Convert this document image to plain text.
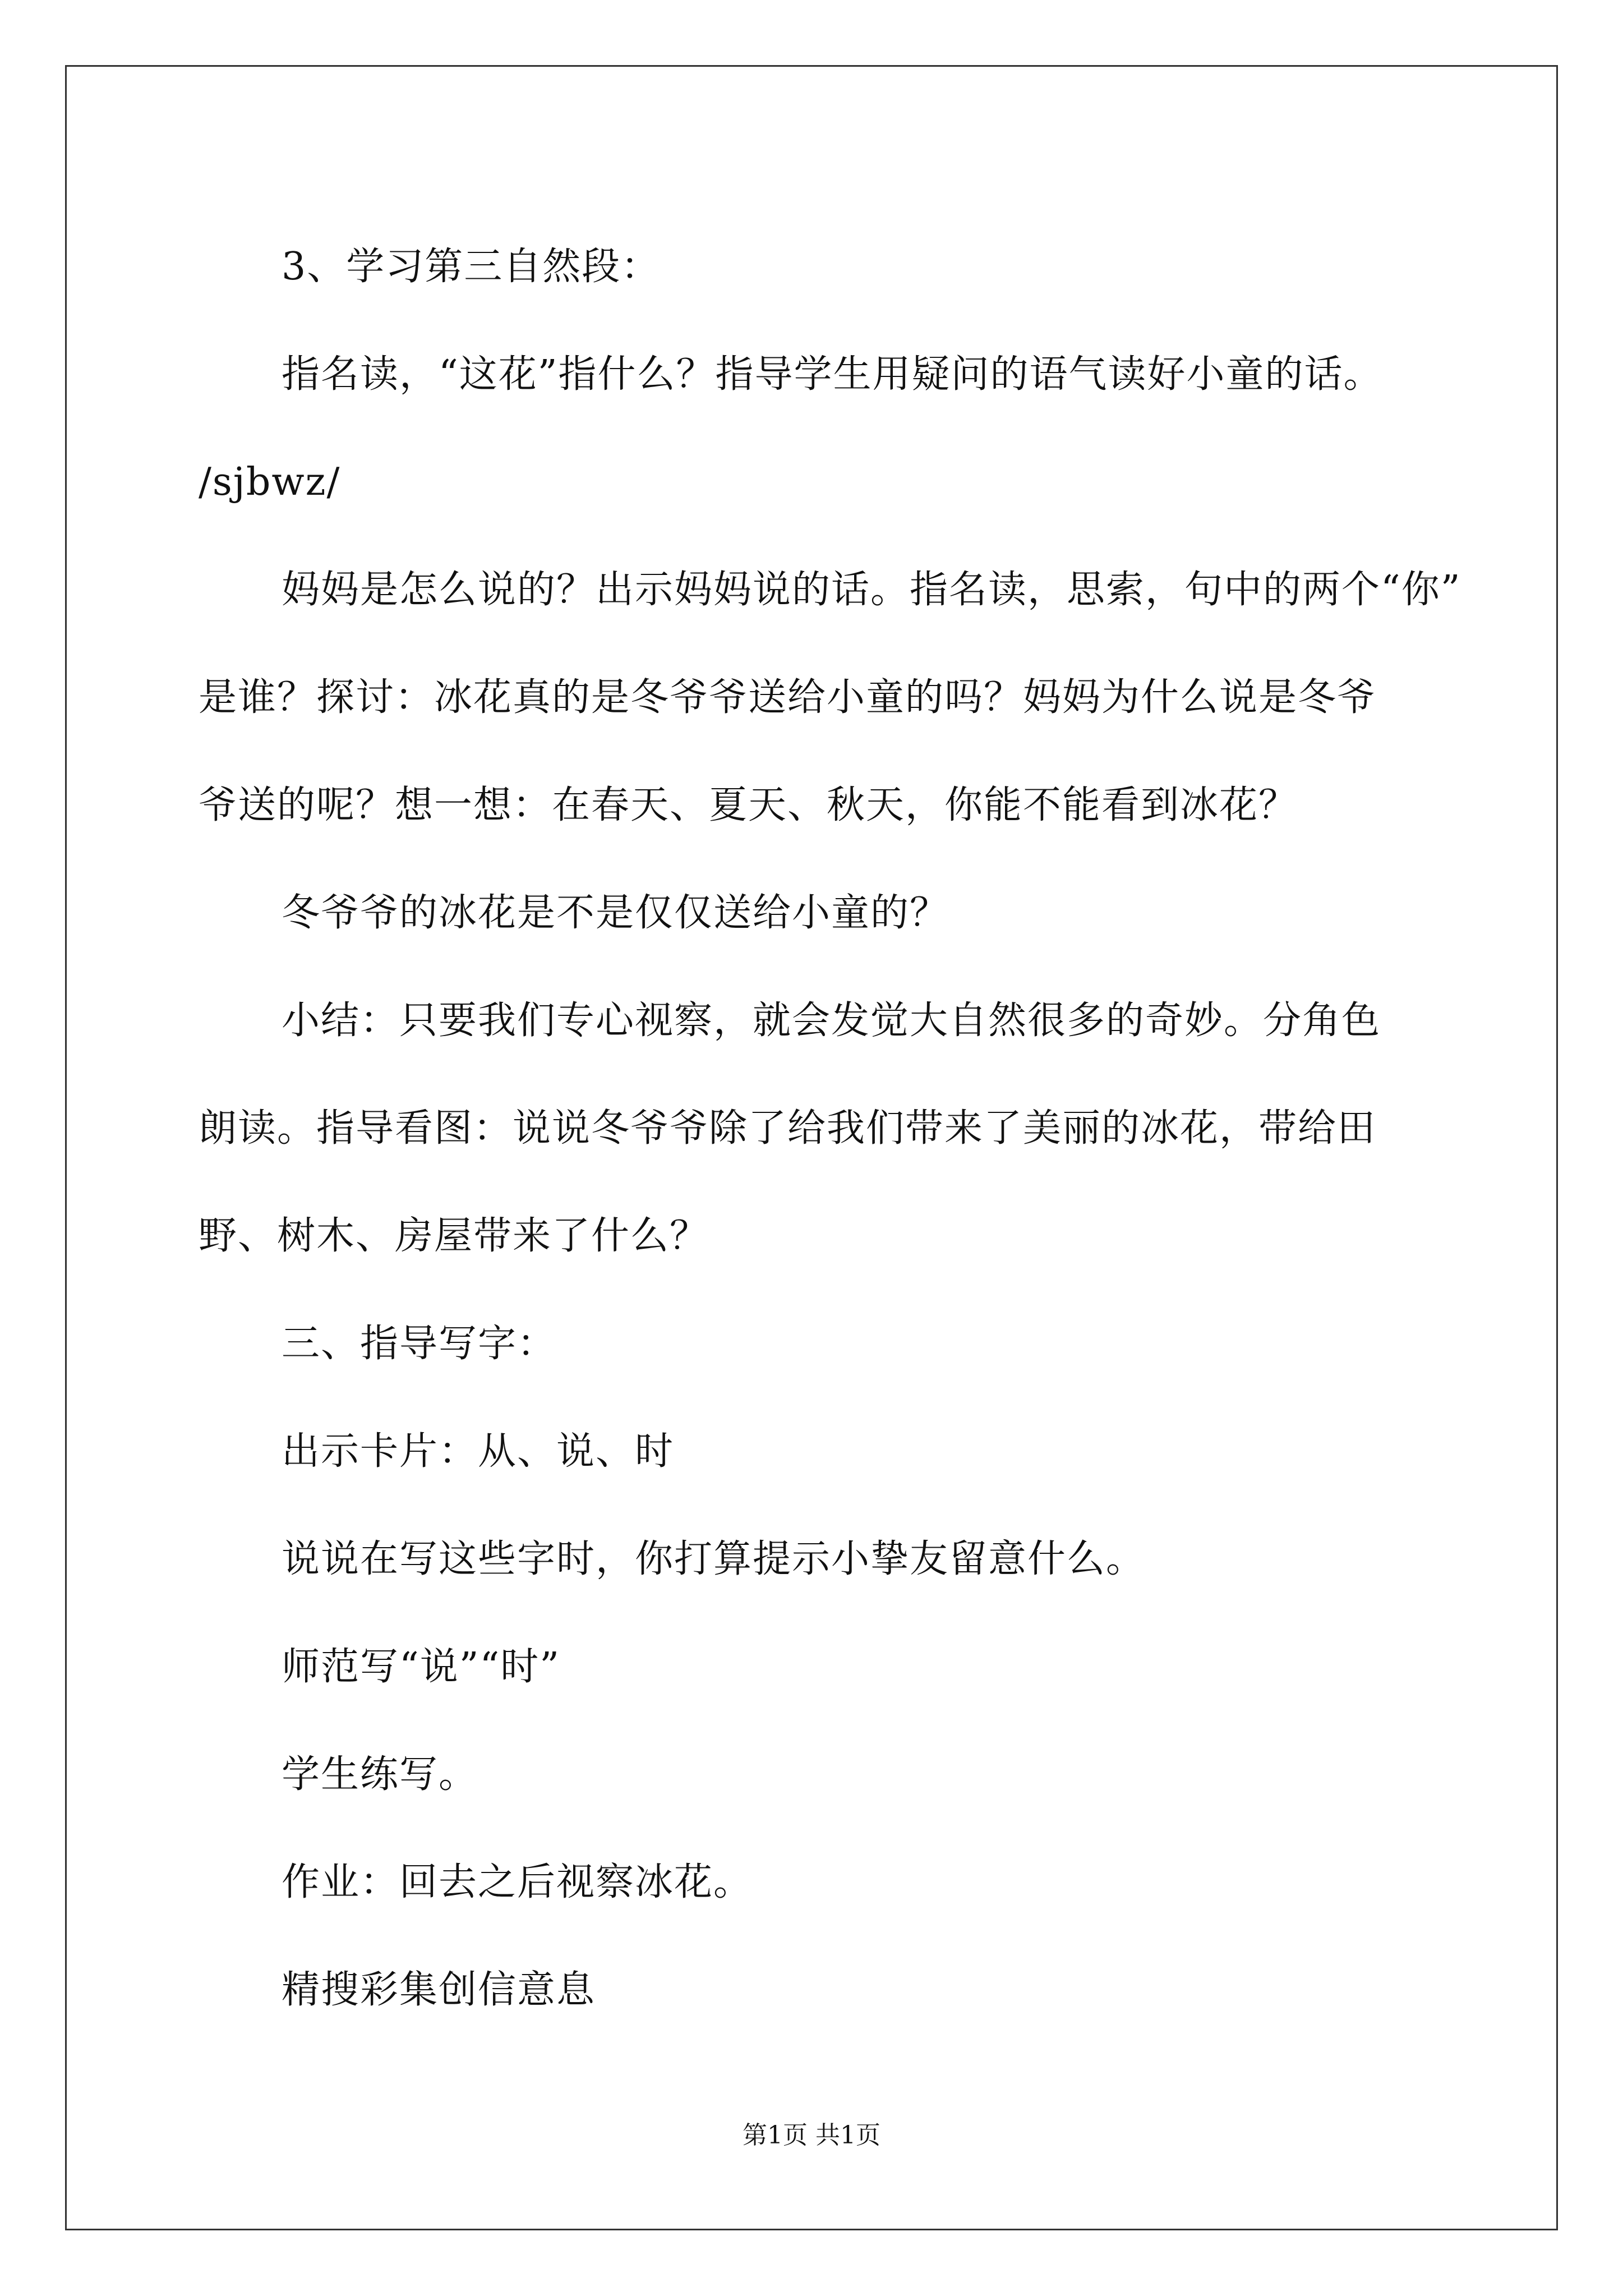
3、学习第三自然段：
指名读，“这花”指什么？指导学生用疑问的语气读好小童的话。
/sjbwz/
妈妈是怎么说的？出示妈妈说的话。指名读，思索，句中的两个“你”
是谁？探讨：冰花真的是冬爷爷送给小童的吗？妈妈为什么说是冬爷
爷送的呢？想一想：在春天、夏天、秋天，你能不能看到冰花？
冬爷爷的冰花是不是仅仅送给小童的？
小结：只要我们专心视察，就会发觉大自然很多的奇妙。分角色
朗读。指导看图：说说冬爷爷除了给我们带来了美丽的冰花，带给田
野、树木、房屋带来了什么？
三、指导写字：
出示卡片：从、说、时
说说在写这些字时，你打算提示小挚友留意什么。
师范写“说”“时”
学生练写。
作业：回去之后视察冰花。
精搜彩集创信意息
第1页 共1页
